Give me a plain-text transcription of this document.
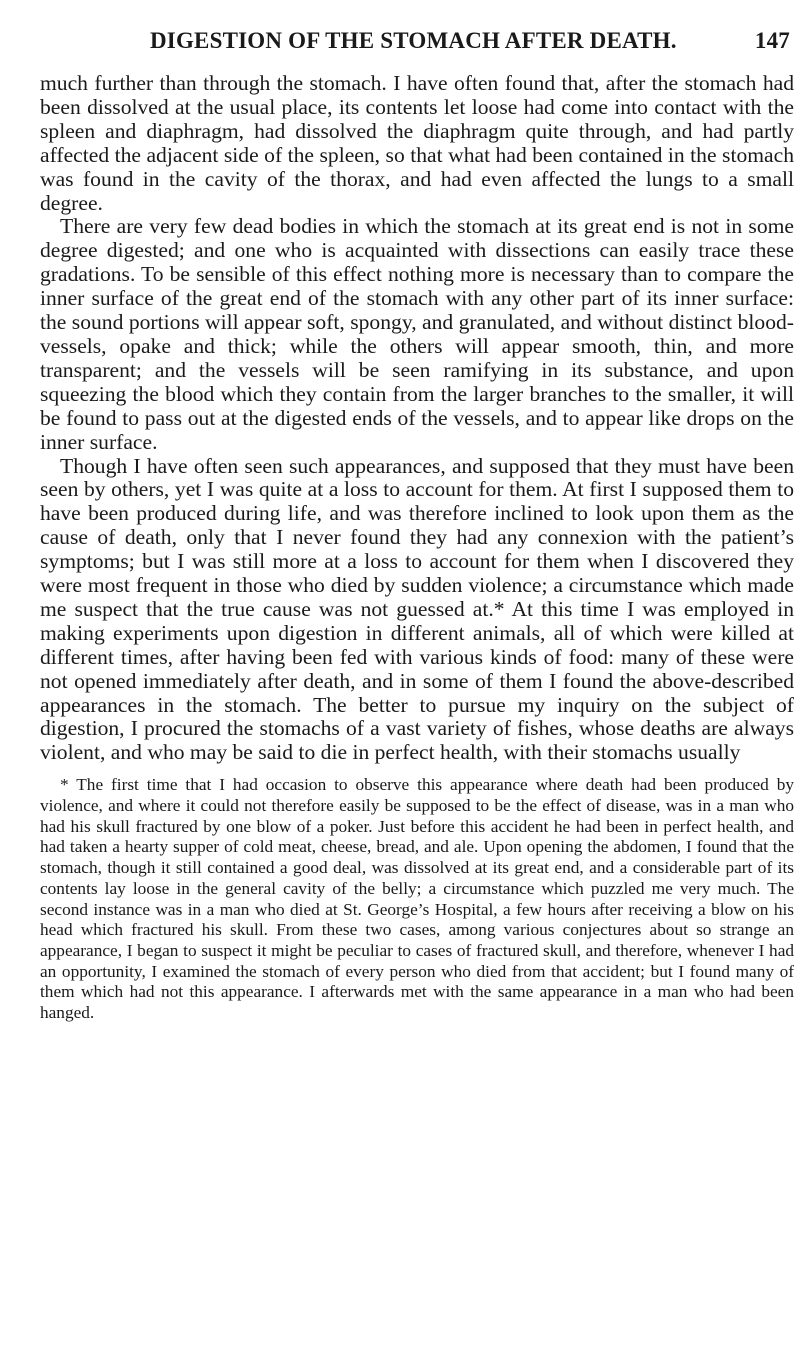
DIGESTION OF THE STOMACH AFTER DEATH.	147

much further than through the stomach. I have often found that, after the stomach had been dissolved at the usual place, its contents let loose had come into contact with the spleen and diaphragm, had dissolved the diaphragm quite through, and had partly affected the adjacent side of the spleen, so that what had been contained in the stomach was found in the cavity of the thorax, and had even affected the lungs to a small degree.

There are very few dead bodies in which the stomach at its great end is not in some degree digested; and one who is acquainted with dissections can easily trace these gradations. To be sensible of this effect nothing more is necessary than to compare the inner surface of the great end of the stomach with any other part of its inner surface: the sound portions will appear soft, spongy, and granulated, and without distinct blood-vessels, opake and thick; while the others will appear smooth, thin, and more transparent; and the vessels will be seen ramifying in its substance, and upon squeezing the blood which they contain from the larger branches to the smaller, it will be found to pass out at the digested ends of the vessels, and to appear like drops on the inner surface.

Though I have often seen such appearances, and supposed that they must have been seen by others, yet I was quite at a loss to account for them. At first I supposed them to have been produced during life, and was therefore inclined to look upon them as the cause of death, only that I never found they had any connexion with the patient’s symptoms; but I was still more at a loss to account for them when I discovered they were most frequent in those who died by sudden violence; a circumstance which made me suspect that the true cause was not guessed at.* At this time I was employed in making experiments upon digestion in different animals, all of which were killed at different times, after having been fed with various kinds of food: many of these were not opened immediately after death, and in some of them I found the above-described appearances in the stomach. The better to pursue my inquiry on the subject of digestion, I procured the stomachs of a vast variety of fishes, whose deaths are always violent, and who may be said to die in perfect health, with their stomachs usually

* The first time that I had occasion to observe this appearance where death had been produced by violence, and where it could not therefore easily be supposed to be the effect of disease, was in a man who had his skull fractured by one blow of a poker. Just before this accident he had been in perfect health, and had taken a hearty supper of cold meat, cheese, bread, and ale. Upon opening the abdomen, I found that the stomach, though it still contained a good deal, was dissolved at its great end, and a considerable part of its contents lay loose in the general cavity of the belly; a circumstance which puzzled me very much. The second instance was in a man who died at St. George’s Hospital, a few hours after receiving a blow on his head which fractured his skull. From these two cases, among various conjectures about so strange an appearance, I began to suspect it might be peculiar to cases of fractured skull, and therefore, whenever I had an opportunity, I examined the stomach of every person who died from that accident; but I found many of them which had not this appearance. I afterwards met with the same appearance in a man who had been hanged.
